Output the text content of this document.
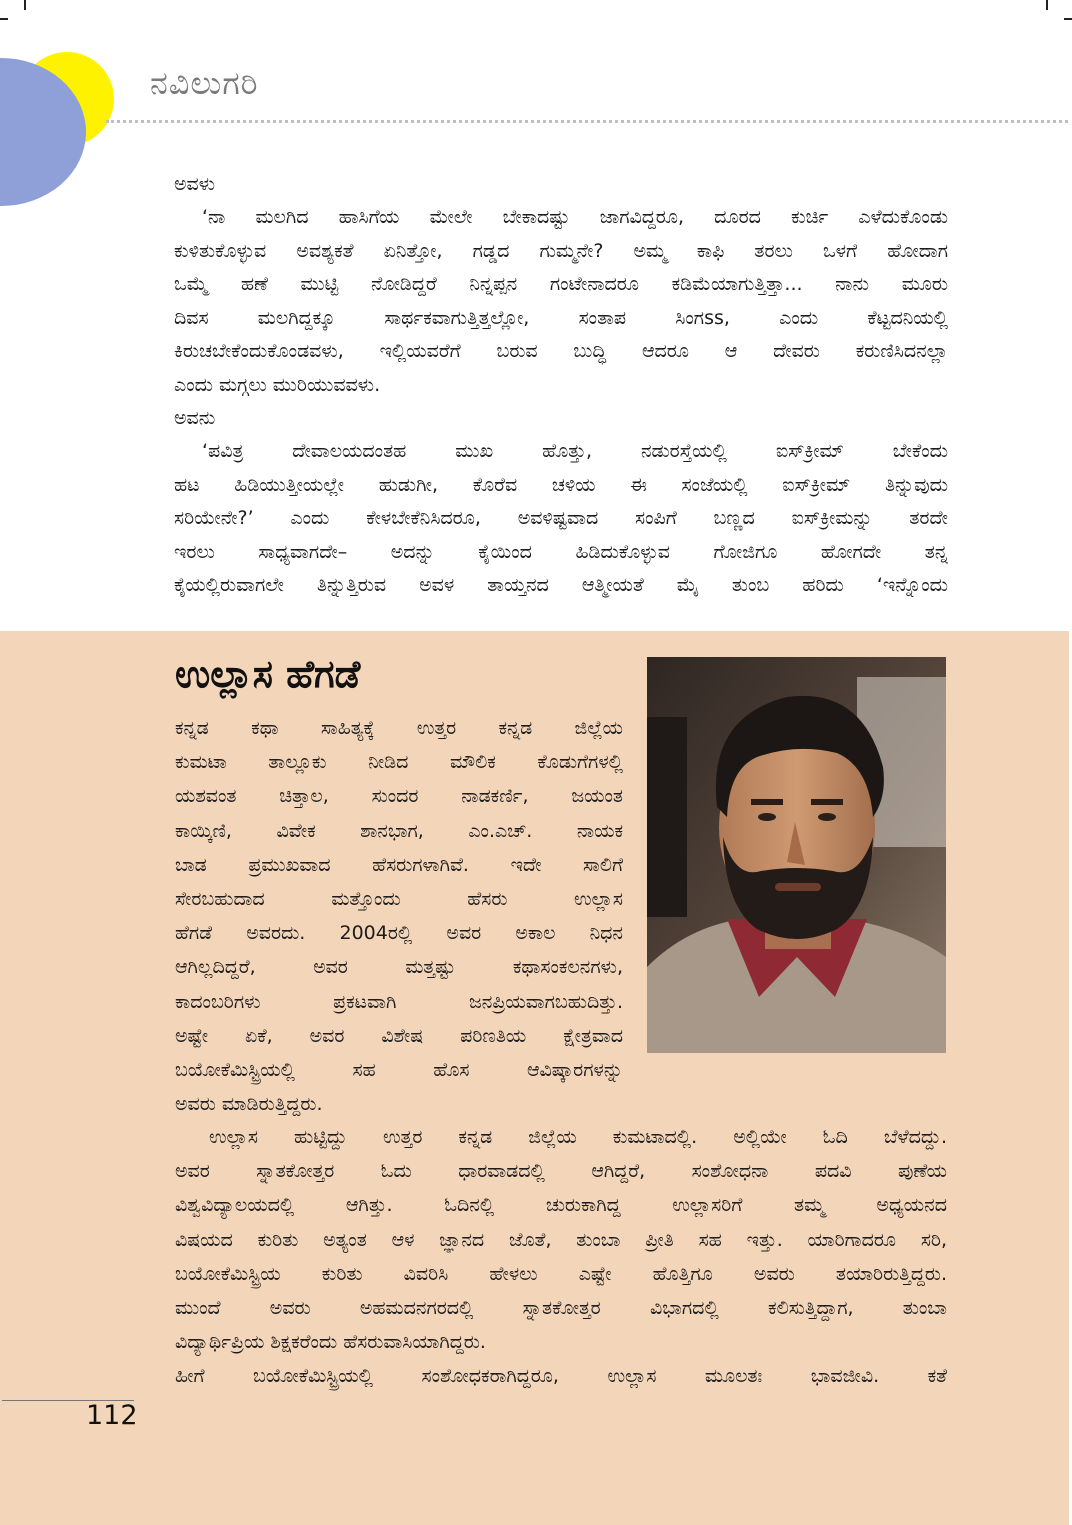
ನವಿಲುಗರಿ
ಅವಳು
‘ನಾ ಮಲಗಿದ ಹಾಸಿಗೆಯ ಮೇಲೇ ಬೇಕಾದಷ್ಟು ಜಾಗವಿದ್ದರೂ, ದೂರದ ಕುರ್ಚಿ ಎಳೆದುಕೊಂಡು
ಕುಳಿತುಕೊಳ್ಳುವ ಅವಶ್ಯಕತೆ ಏನಿತ್ತೋ, ಗಡ್ಡದ ಗುಮ್ಮನೇ? ಅಮ್ಮ ಕಾಫಿ ತರಲು ಒಳಗೆ ಹೋದಾಗ
ಒಮ್ಮೆ ಹಣೆ ಮುಟ್ಟಿ ನೋಡಿದ್ದರೆ ನಿನ್ನಪ್ಪನ ಗಂಟೇನಾದರೂ ಕಡಿಮೆಯಾಗುತ್ತಿತ್ತಾ... ನಾನು ಮೂರು
ದಿವಸ ಮಲಗಿದ್ದಕ್ಕೂ ಸಾರ್ಥಕವಾಗುತ್ತಿತ್ತಲ್ಲೋ, ಸಂತಾಪ ಸಿಂಗss, ಎಂದು ಕೆಟ್ಟದನಿಯಲ್ಲಿ
ಕಿರುಚಬೇಕೆಂದುಕೊಂಡವಳು, ಇಲ್ಲಿಯವರೆಗೆ ಬರುವ ಬುದ್ಧಿ ಆದರೂ ಆ ದೇವರು ಕರುಣಿಸಿದನಲ್ಲಾ
ಎಂದು ಮಗ್ಗಲು ಮುರಿಯುವವಳು.
ಅವನು
‘ಪವಿತ್ರ ದೇವಾಲಯದಂತಹ ಮುಖ ಹೊತ್ತು, ನಡುರಸ್ತೆಯಲ್ಲಿ ಐಸ್‌ಕ್ರೀಮ್ ಬೇಕೆಂದು
ಹಟ ಹಿಡಿಯುತ್ತೀಯಲ್ಲೇ ಹುಡುಗೀ, ಕೊರೆವ ಚಳಿಯ ಈ ಸಂಜೆಯಲ್ಲಿ ಐಸ್‌ಕ್ರೀಮ್ ತಿನ್ನುವುದು
ಸರಿಯೇನೇ?’ ಎಂದು ಕೇಳಬೇಕೆನಿಸಿದರೂ, ಅವಳಿಷ್ಟವಾದ ಸಂಪಿಗೆ ಬಣ್ಣದ ಐಸ್‌ಕ್ರೀಮನ್ನು ತರದೇ
ಇರಲು ಸಾಧ್ಯವಾಗದೇ– ಅದನ್ನು ಕೈಯಿಂದ ಹಿಡಿದುಕೊಳ್ಳುವ ಗೋಜಿಗೂ ಹೋಗದೇ ತನ್ನ
ಕೈಯಲ್ಲಿರುವಾಗಲೇ ತಿನ್ನುತ್ತಿರುವ ಅವಳ ತಾಯ್ತನದ ಆತ್ಮೀಯತೆ ಮೈ ತುಂಬ ಹರಿದು ‘ಇನ್ನೊಂದು
ಉಲ್ಲಾಸ ಹೆಗಡೆ
ಕನ್ನಡ ಕಥಾ ಸಾಹಿತ್ಯಕ್ಕೆ ಉತ್ತರ ಕನ್ನಡ ಜಿಲ್ಲೆಯ
ಕುಮಟಾ ತಾಲ್ಲೂಕು ನೀಡಿದ ಮೌಲಿಕ ಕೊಡುಗೆಗಳಲ್ಲಿ
ಯಶವಂತ ಚಿತ್ತಾಲ, ಸುಂದರ ನಾಡಕರ್ಣಿ, ಜಯಂತ
ಕಾಯ್ಕಿಣಿ, ವಿವೇಕ ಶಾನಭಾಗ, ಎಂ.ಎಚ್. ನಾಯಕ
ಬಾಡ ಪ್ರಮುಖವಾದ ಹೆಸರುಗಳಾಗಿವೆ. ಇದೇ ಸಾಲಿಗೆ
ಸೇರಬಹುದಾದ ಮತ್ತೊಂದು ಹೆಸರು ಉಲ್ಲಾಸ
ಹೆಗಡೆ ಅವರದು. 2004ರಲ್ಲಿ ಅವರ ಅಕಾಲ ನಿಧನ
ಆಗಿಲ್ಲದಿದ್ದರೆ, ಅವರ ಮತ್ತಷ್ಟು ಕಥಾಸಂಕಲನಗಳು,
ಕಾದಂಬರಿಗಳು ಪ್ರಕಟವಾಗಿ ಜನಪ್ರಿಯವಾಗಬಹುದಿತ್ತು.
ಅಷ್ಟೇ ಏಕೆ, ಅವರ ವಿಶೇಷ ಪರಿಣತಿಯ ಕ್ಷೇತ್ರವಾದ
ಬಯೋಕೆಮಿಸ್ಟ್ರಿಯಲ್ಲಿ ಸಹ ಹೊಸ ಆವಿಷ್ಕಾರಗಳನ್ನು
ಅವರು ಮಾಡಿರುತ್ತಿದ್ದರು.
ಉಲ್ಲಾಸ ಹುಟ್ಟಿದ್ದು ಉತ್ತರ ಕನ್ನಡ ಜಿಲ್ಲೆಯ ಕುಮಟಾದಲ್ಲಿ. ಅಲ್ಲಿಯೇ ಓದಿ ಬೆಳೆದದ್ದು.
ಅವರ ಸ್ನಾತಕೋತ್ತರ ಓದು ಧಾರವಾಡದಲ್ಲಿ ಆಗಿದ್ದರೆ, ಸಂಶೋಧನಾ ಪದವಿ ಪುಣೆಯ
ವಿಶ್ವವಿದ್ಯಾಲಯದಲ್ಲಿ ಆಗಿತ್ತು. ಓದಿನಲ್ಲಿ ಚುರುಕಾಗಿದ್ದ ಉಲ್ಲಾಸರಿಗೆ ತಮ್ಮ ಅಧ್ಯಯನದ
ವಿಷಯದ ಕುರಿತು ಅತ್ಯಂತ ಆಳ ಜ್ಞಾನದ ಜೊತೆ, ತುಂಬಾ ಪ್ರೀತಿ ಸಹ ಇತ್ತು. ಯಾರಿಗಾದರೂ ಸರಿ,
ಬಯೋಕೆಮಿಸ್ಟ್ರಿಯ ಕುರಿತು ವಿವರಿಸಿ ಹೇಳಲು ಎಷ್ಟೇ ಹೊತ್ತಿಗೂ ಅವರು ತಯಾರಿರುತ್ತಿದ್ದರು.
ಮುಂದೆ ಅವರು ಅಹಮದನಗರದಲ್ಲಿ ಸ್ನಾತಕೋತ್ತರ ವಿಭಾಗದಲ್ಲಿ ಕಲಿಸುತ್ತಿದ್ದಾಗ, ತುಂಬಾ
ವಿದ್ಯಾರ್ಥಿಪ್ರಿಯ ಶಿಕ್ಷಕರೆಂದು ಹೆಸರುವಾಸಿಯಾಗಿದ್ದರು.
ಹೀಗೆ ಬಯೋಕೆಮಿಸ್ಟ್ರಿಯಲ್ಲಿ ಸಂಶೋಧಕರಾಗಿದ್ದರೂ, ಉಲ್ಲಾಸ ಮೂಲತಃ ಭಾವಜೀವಿ. ಕತೆ
112
